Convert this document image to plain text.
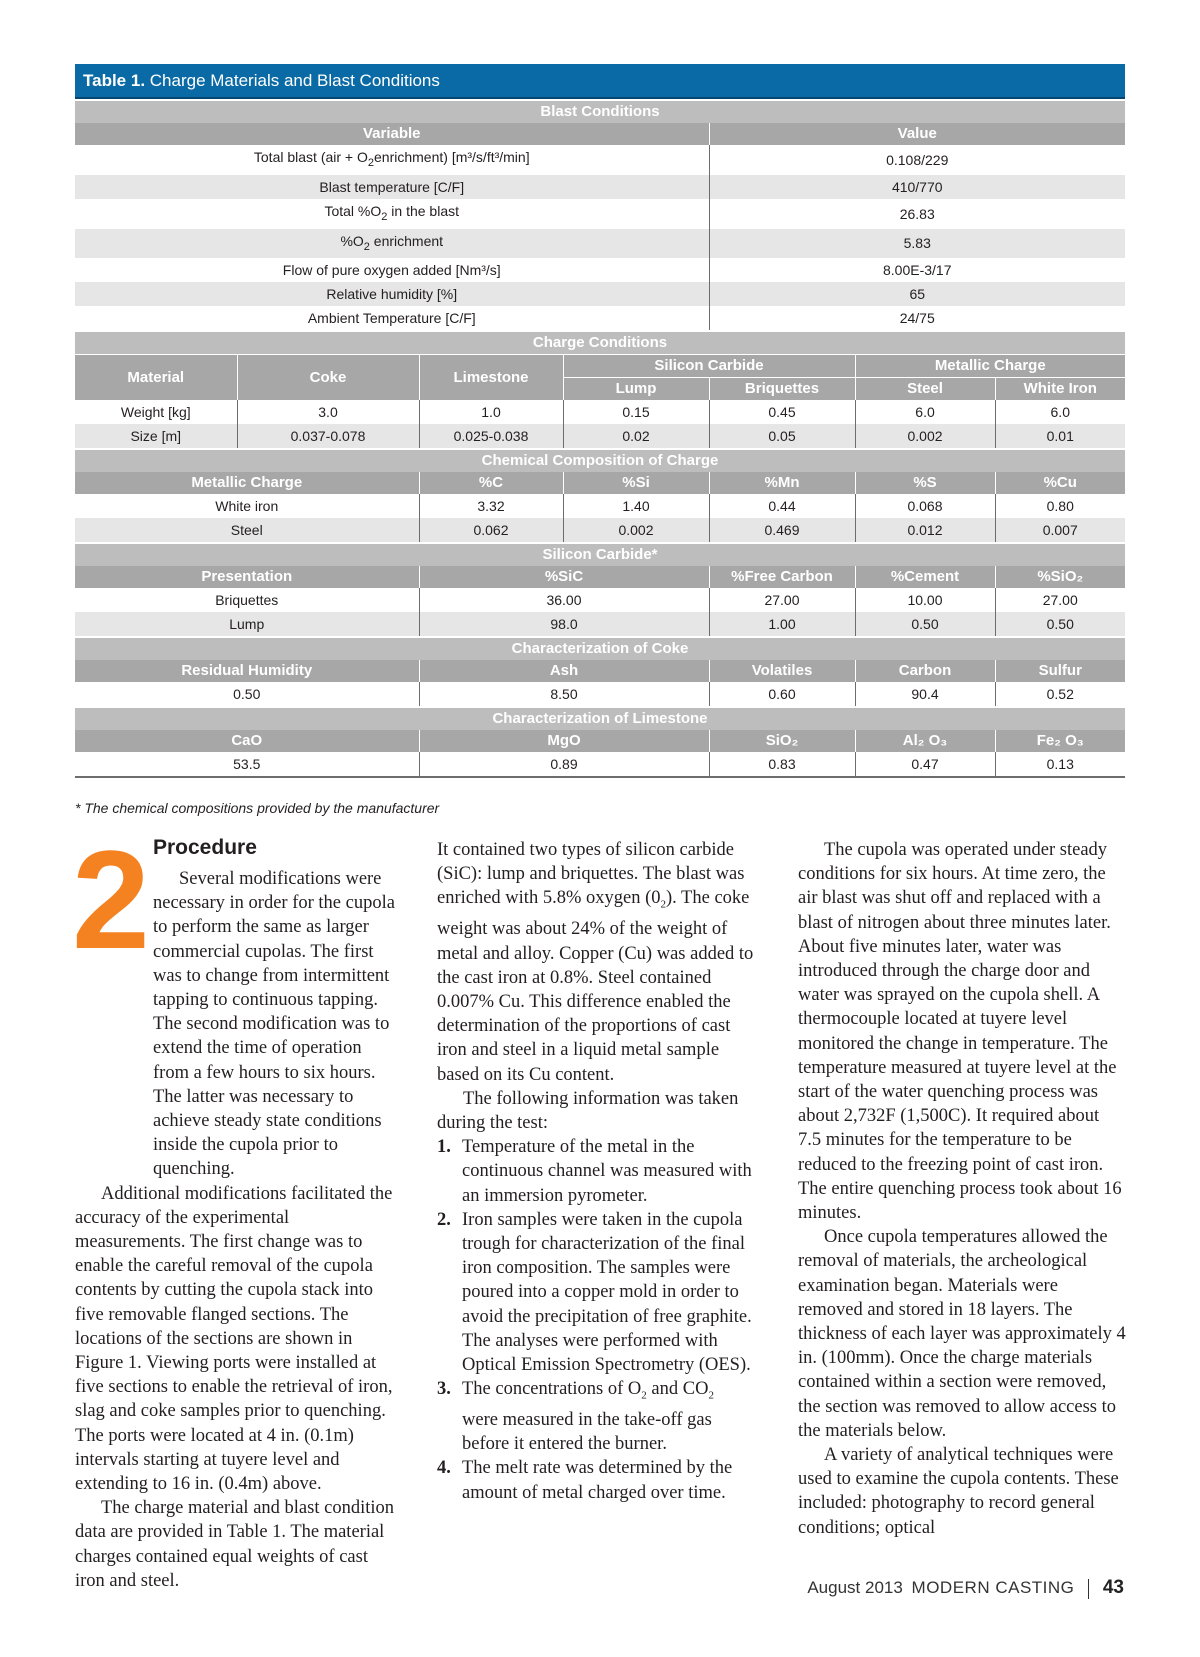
Table 1. Charge Materials and Blast Conditions
Blast Conditions
Variable	Value
Total blast $(air + O_2enrichment)$ [m³/s/ft³/min]	0.108/229
Blast temperature [C/F]	410/770
Total $\%O_2$ in the blast	26.83
$\%O_2$ enrichment	5.83
Flow of pure oxygen added [Nm³/s]	8.00E-3/17
Relative humidity [%]	65
Ambient Temperature [C/F]	24/75
Charge Conditions
Material	Coke	Limestone	Silicon Carbide		Metallic Charge	
			Lump	Briquettes	Steel	White Iron
Weight [kg]	3.0	1.0	0.15	0.45	6.0	6.0
Size [m]	0.037-0.078	0.025-0.038	0.02	0.05	0.002	0.01
Chemical Composition of Charge
Metallic Charge	%C	%Si	%Mn	%S	%Cu
White iron	3.32	1.40	0.44	0.068	0.80
Steel	0.062	0.002	0.469	0.012	0.007
Silicon Carbide*
Presentation	%SiC	%Free Carbon	%Cement	%SiO₂
Briquettes	36.00	27.00	10.00	27.00
Lump	98.0	1.00	0.50	0.50
Characterization of Coke
Residual Humidity	Ash	Volatiles	Carbon	Sulfur
0.50	8.50	0.60	90.4	0.52
Characterization of Limestone
CaO	MgO	SiO₂	Al₂ O₃	Fe₂ O₃
53.5	0.89	0.83	0.47	0.13
* The chemical compositions provided by the manufacturer
2 Procedure

Several modifications were necessary in order for the cupola to perform the same as larger commercial cupolas. The first was to change from intermittent tapping to continuous tapping. The second modification was to extend the time of operation from a few hours to six hours. The latter was necessary to achieve steady state conditions inside the cupola prior to quenching.

Additional modifications facilitated the accuracy of the experimental measurements. The first change was to enable the careful removal of the cupola contents by cutting the cupola stack into five removable flanged sections. The locations of the sections are shown in Figure 1. Viewing ports were installed at five sections to enable the retrieval of iron, slag and coke samples prior to quenching. The ports were located at 4 in. (0.1m) intervals starting at tuyere level and extending to 16 in. (0.4m) above.

The charge material and blast condition data are provided in Table 1. The material charges contained equal weights of cast iron and steel.

It contained two types of silicon carbide (SiC): lump and briquettes. The blast was enriched with 5.8% oxygen $(0_2)$. The coke weight was about 24% of the weight of metal and alloy. Copper (Cu) was added to the cast iron at 0.8%. Steel contained 0.007% Cu. This difference enabled the determination of the proportions of cast iron and steel in a liquid metal sample based on its Cu content.

The following information was taken during the test:

1. Temperature of the metal in the continuous channel was measured with an immersion pyrometer.
2. Iron samples were taken in the cupola trough for characterization of the final iron composition. The samples were poured into a copper mold in order to avoid the precipitation of free graphite. The analyses were performed with Optical Emission Spectrometry (OES).
3. The concentrations of $O_2$ and $CO_2$ were measured in the take-off gas before it entered the burner.
4. The melt rate was determined by the amount of metal charged over time.

The cupola was operated under steady conditions for six hours. At time zero, the air blast was shut off and replaced with a blast of nitrogen about three minutes later. About five minutes later, water was introduced through the charge door and water was sprayed on the cupola shell. A thermocouple located at tuyere level monitored the change in temperature. The temperature measured at tuyere level at the start of the water quenching process was about 2,732F (1,500C). It required about 7.5 minutes for the temperature to be reduced to the freezing point of cast iron. The entire quenching process took about 16 minutes.

Once cupola temperatures allowed the removal of materials, the archeological examination began. Materials were removed and stored in 18 layers. The thickness of each layer was approximately 4 in. (100mm). Once the charge materials contained within a section were removed, the section was removed to allow access to the materials below.

A variety of analytical techniques were used to examine the cupola contents. These included: photography to record general conditions; optical

August 2013 MODERN CASTING 43
